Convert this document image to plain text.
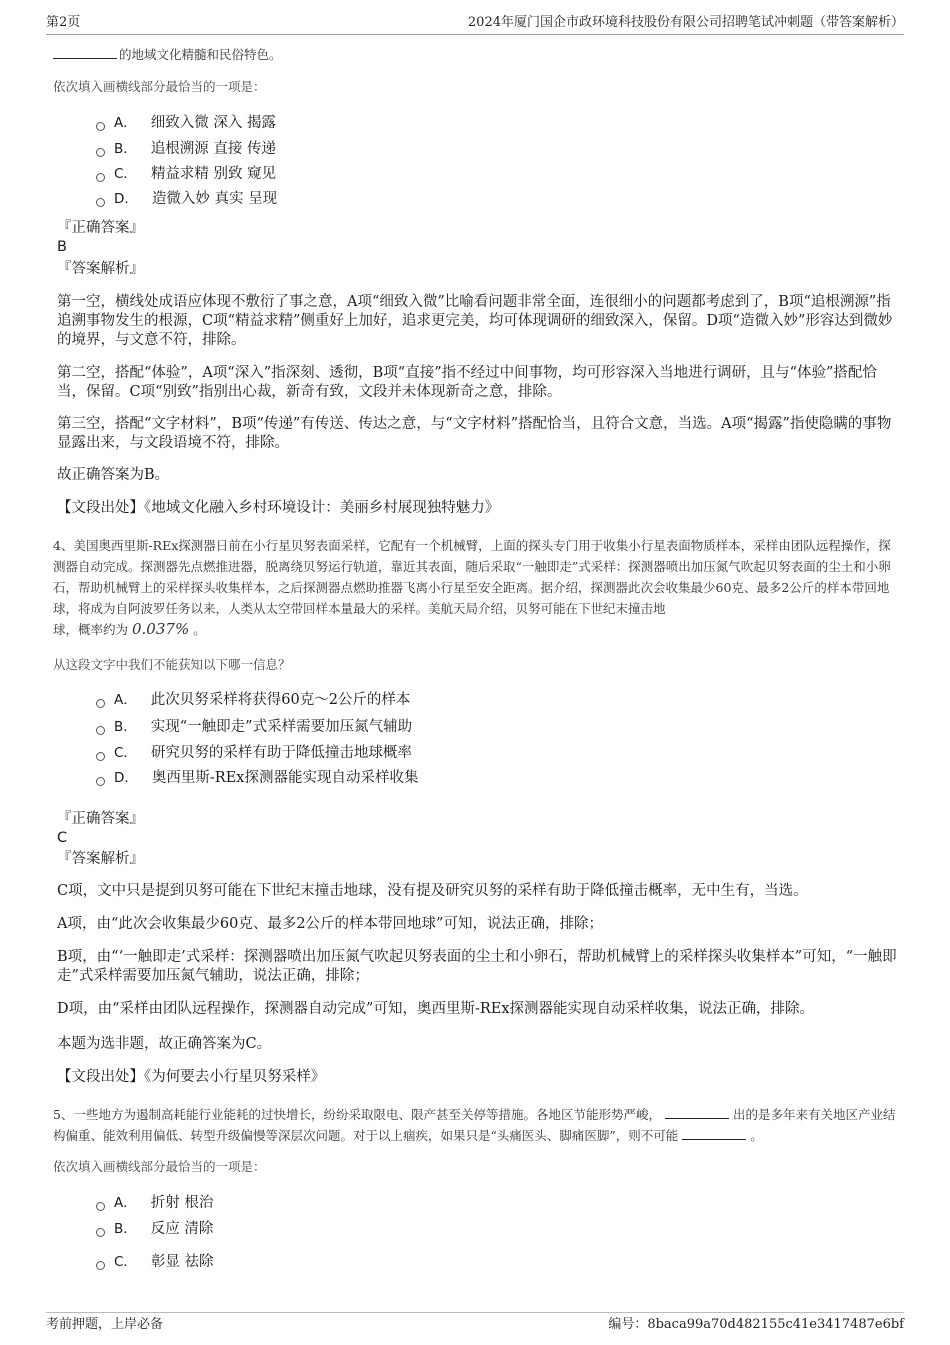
第2页	2024年厦门国企市政环境科技股份有限公司招聘笔试冲刺题（带答案解析）
的地域文化精髓和民俗特色。
依次填入画横线部分最恰当的一项是：
A． 细致入微 深入 揭露
B． 追根溯源 直接 传递
C． 精益求精 别致 窥见
D． 造微入妙 真实 呈现
『正确答案』
B
『答案解析』
第一空，横线处成语应体现不敷衍了事之意，A项“细致入微”比喻看问题非常全面，连很细小的问题都考虑到了，B项“追根溯源”指追溯事物发生的根源，C项“精益求精”侧重好上加好，追求更完美，均可体现调研的细致深入，保留。D项“造微入妙”形容达到微妙的境界，与文意不符，排除。
第二空，搭配“体验”，A项“深入”指深刻、透彻，B项“直接”指不经过中间事物，均可形容深入当地进行调研，且与“体验”搭配恰当，保留。C项“别致”指别出心裁，新奇有致，文段并未体现新奇之意，排除。
第三空，搭配“文字材料”，B项“传递”有传送、传达之意，与“文字材料”搭配恰当，且符合文意，当选。A项“揭露”指使隐瞒的事物显露出来，与文段语境不符，排除。
故正确答案为B。
【文段出处】《地域文化融入乡村环境设计：美丽乡村展现独特魅力》
4、美国奥西里斯-REx探测器日前在小行星贝努表面采样，它配有一个机械臂，上面的探头专门用于收集小行星表面物质样本，采样由团队远程操作，探测器自动完成。探测器先点燃推进器，脱离绕贝努运行轨道，靠近其表面，随后采取“一触即走”式采样：探测器喷出加压氮气吹起贝努表面的尘土和小卵石，帮助机械臂上的采样探头收集样本，之后探测器点燃助推器飞离小行星至安全距离。据介绍，探测器此次会收集最少60克、最多2公斤的样本带回地球，将成为自阿波罗任务以来，人类从太空带回样本量最大的采样。美航天局介绍，贝努可能在下世纪末撞击地
球，概率约为 0.037% 。
从这段文字中我们不能获知以下哪一信息？
A． 此次贝努采样将获得60克～2公斤的样本
B． 实现“一触即走”式采样需要加压氮气辅助
C． 研究贝努的采样有助于降低撞击地球概率
D． 奥西里斯-REx探测器能实现自动采样收集
『正确答案』
C
『答案解析』
C项，文中只是提到贝努可能在下世纪末撞击地球，没有提及研究贝努的采样有助于降低撞击概率，无中生有，当选。
A项，由“此次会收集最少60克、最多2公斤的样本带回地球”可知，说法正确，排除；
B项，由“‘一触即走’式采样：探测器喷出加压氮气吹起贝努表面的尘土和小卵石，帮助机械臂上的采样探头收集样本”可知，“一触即走”式采样需要加压氮气辅助，说法正确，排除；
D项，由“采样由团队远程操作，探测器自动完成”可知，奥西里斯-REx探测器能实现自动采样收集，说法正确，排除。
本题为选非题，故正确答案为C。
【文段出处】《为何要去小行星贝努采样》
5、一些地方为遏制高耗能行业能耗的过快增长，纷纷采取限电、限产甚至关停等措施。各地区节能形势严峻，	出的是多年来有关地区产业结构偏重、能效利用偏低、转型升级偏慢等深层次问题。对于以上痼疾，如果只是“头痛医头、脚痛医脚”，则不可能	。
依次填入画横线部分最恰当的一项是：
A． 折射 根治
B． 反应 清除
C． 彰显 祛除
考前押题，上岸必备	编号：8baca99a70d482155c41e3417487e6bf
